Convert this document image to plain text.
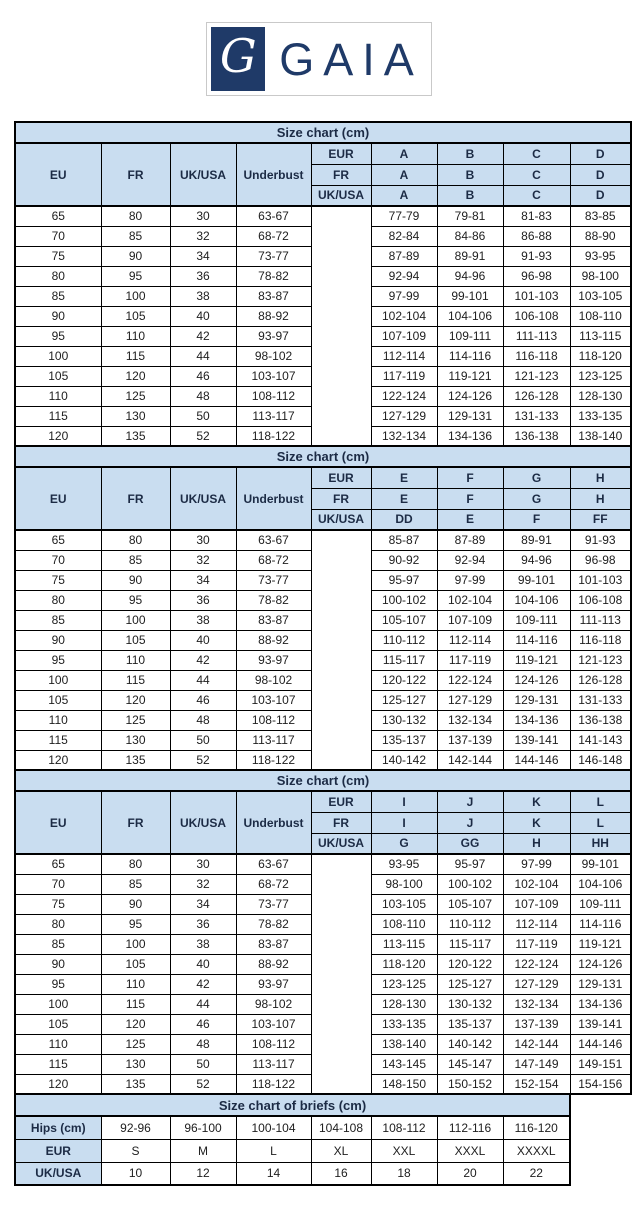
G GAIA
Size chart (cm)								
EU	FR	UK/USA	Underbust	EUR	A	B	C	D
				FR	A	B	C	D
				UK/USA	A	B	C	D
65	80	30	63-67		77-79	79-81	81-83	83-85
70	85	32	68-72		82-84	84-86	86-88	88-90
75	90	34	73-77		87-89	89-91	91-93	93-95
80	95	36	78-82		92-94	94-96	96-98	98-100
85	100	38	83-87		97-99	99-101	101-103	103-105
90	105	40	88-92		102-104	104-106	106-108	108-110
95	110	42	93-97		107-109	109-111	111-113	113-115
100	115	44	98-102		112-114	114-116	116-118	118-120
105	120	46	103-107		117-119	119-121	121-123	123-125
110	125	48	108-112		122-124	124-126	126-128	128-130
115	130	50	113-117		127-129	129-131	131-133	133-135
120	135	52	118-122		132-134	134-136	136-138	138-140
Size chart (cm)								
EU	FR	UK/USA	Underbust	EUR	E	F	G	H
				FR	E	F	G	H
				UK/USA	DD	E	F	FF
65	80	30	63-67		85-87	87-89	89-91	91-93
70	85	32	68-72		90-92	92-94	94-96	96-98
75	90	34	73-77		95-97	97-99	99-101	101-103
80	95	36	78-82		100-102	102-104	104-106	106-108
85	100	38	83-87		105-107	107-109	109-111	111-113
90	105	40	88-92		110-112	112-114	114-116	116-118
95	110	42	93-97		115-117	117-119	119-121	121-123
100	115	44	98-102		120-122	122-124	124-126	126-128
105	120	46	103-107		125-127	127-129	129-131	131-133
110	125	48	108-112		130-132	132-134	134-136	136-138
115	130	50	113-117		135-137	137-139	139-141	141-143
120	135	52	118-122		140-142	142-144	144-146	146-148
Size chart (cm)								
EU	FR	UK/USA	Underbust	EUR	I	J	K	L
				FR	I	J	K	L
				UK/USA	G	GG	H	HH
65	80	30	63-67		93-95	95-97	97-99	99-101
70	85	32	68-72		98-100	100-102	102-104	104-106
75	90	34	73-77		103-105	105-107	107-109	109-111
80	95	36	78-82		108-110	110-112	112-114	114-116
85	100	38	83-87		113-115	115-117	117-119	119-121
90	105	40	88-92		118-120	120-122	122-124	124-126
95	110	42	93-97		123-125	125-127	127-129	129-131
100	115	44	98-102		128-130	130-132	132-134	134-136
105	120	46	103-107		133-135	135-137	137-139	139-141
110	125	48	108-112		138-140	140-142	142-144	144-146
115	130	50	113-117		143-145	145-147	147-149	149-151
120	135	52	118-122		148-150	150-152	152-154	154-156
Size chart of briefs (cm)							
Hips (cm)	92-96	96-100	100-104	104-108	108-112	112-116	116-120
EUR	S	M	L	XL	XXL	XXXL	XXXXL
UK/USA	10	12	14	16	18	20	22
